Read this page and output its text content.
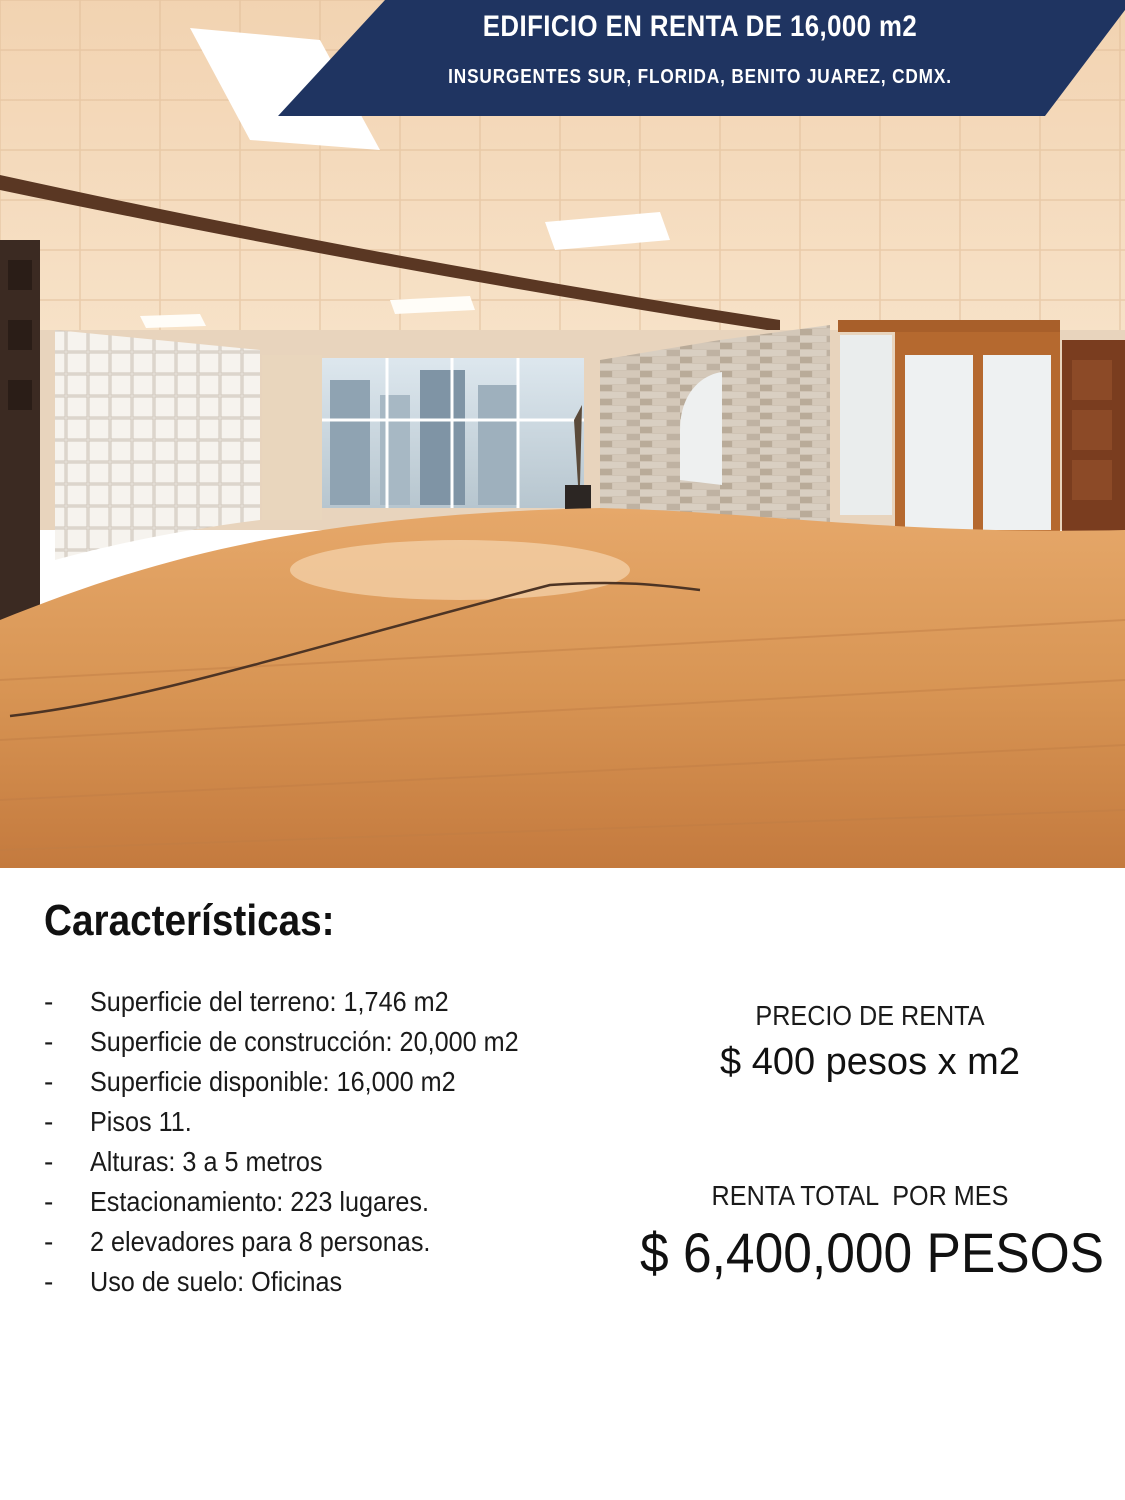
EDIFICIO EN RENTA DE 16,000 m2
INSURGENTES SUR, FLORIDA, BENITO JUAREZ, CDMX.
Características:
- Superficie del terreno: 1,746 m2
- Superficie de construcción: 20,000 m2
- Superficie disponible: 16,000 m2
- Pisos 11.
- Alturas: 3 a 5 metros
- Estacionamiento: 223 lugares.
- 2 elevadores para 8 personas.
- Uso de suelo: Oficinas
PRECIO DE RENTA
$ 400 pesos x m2
RENTA TOTAL  POR MES
$ 6,400,000 PESOS
